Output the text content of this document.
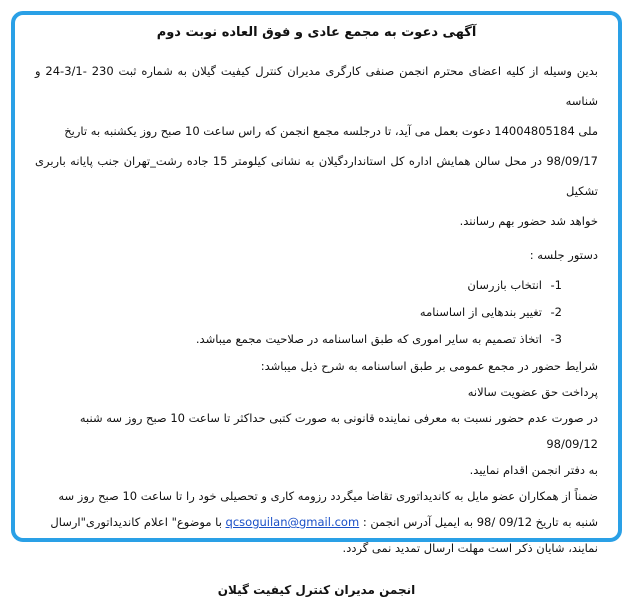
آگهی دعوت به مجمع عادی و فوق العاده نوبت دوم

بدین وسیله از کلیه اعضای محترم انجمن صنفی کارگری مدیران کنترل کیفیت گیلان به شماره ثبت 230 -3/1-24 و شناسه
ملی 14004805184 دعوت بعمل می آید، تا درجلسه مجمع انجمن که راس ساعت 10 صبح روز یکشنبه به تاریخ
98/09/17 در محل سالن همایش اداره کل استانداردگیلان به نشانی کیلومتر 15 جاده رشت_تهران جنب پایانه باربری تشکیل
خواهد شد حضور بهم رسانند.

دستور جلسه :
1-انتخاب بازرسان
2-تغییر بندهایی از اساسنامه
3-اتخاذ تصمیم به سایر اموری که طبق اساسنامه در صلاحیت مجمع میباشد.

شرایط حضور در مجمع عمومی بر طبق اساسنامه به شرح ذیل میباشد:
پرداخت حق عضویت سالانه
در صورت عدم حضور نسبت به معرفی نماینده قانونی به صورت کتبی حداکثر تا ساعت 10 صبح روز سه شنبه 98/09/12
به دفتر انجمن اقدام نمایید.
ضمناً از همکاران عضو مایل به کاندیداتوری تقاضا میگردد رزومه کاری و تحصیلی خود را تا ساعت 10 صبح روز سه
شنبه به تاریخ 09/12 /98 به ایمیل آدرس انجمن : qcsoguilan@gmail.com با موضوع" اعلام کاندیداتوری"ارسال
نمایند، شایان ذکر است مهلت ارسال تمدید نمی گردد.

انجمن مدیران کنترل کیفیت گیلان
